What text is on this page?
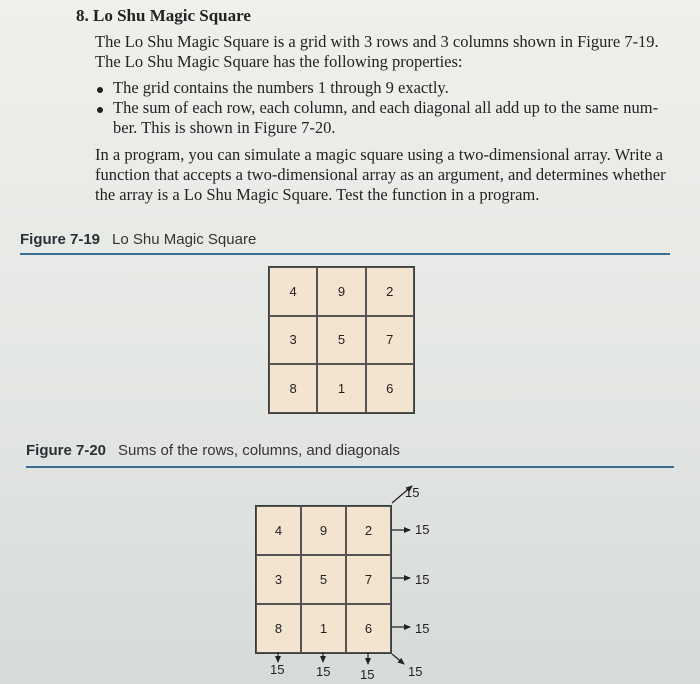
8. Lo Shu Magic Square
The Lo Shu Magic Square is a grid with 3 rows and 3 columns shown in Figure 7-19.
The Lo Shu Magic Square has the following properties:
The grid contains the numbers 1 through 9 exactly.
The sum of each row, each column, and each diagonal all add up to the same num-
ber. This is shown in Figure 7-20.
In a program, you can simulate a magic square using a two-dimensional array. Write a
function that accepts a two-dimensional array as an argument, and determines whether
the array is a Lo Shu Magic Square. Test the function in a program.
Figure 7-19 Lo Shu Magic Square
4	9	2
3	5	7
8	1	6
Figure 7-20 Sums of the rows, columns, and diagonals
4	9	2
3	5	7
8	1	6
15
15
15
15
15 15 15	15
